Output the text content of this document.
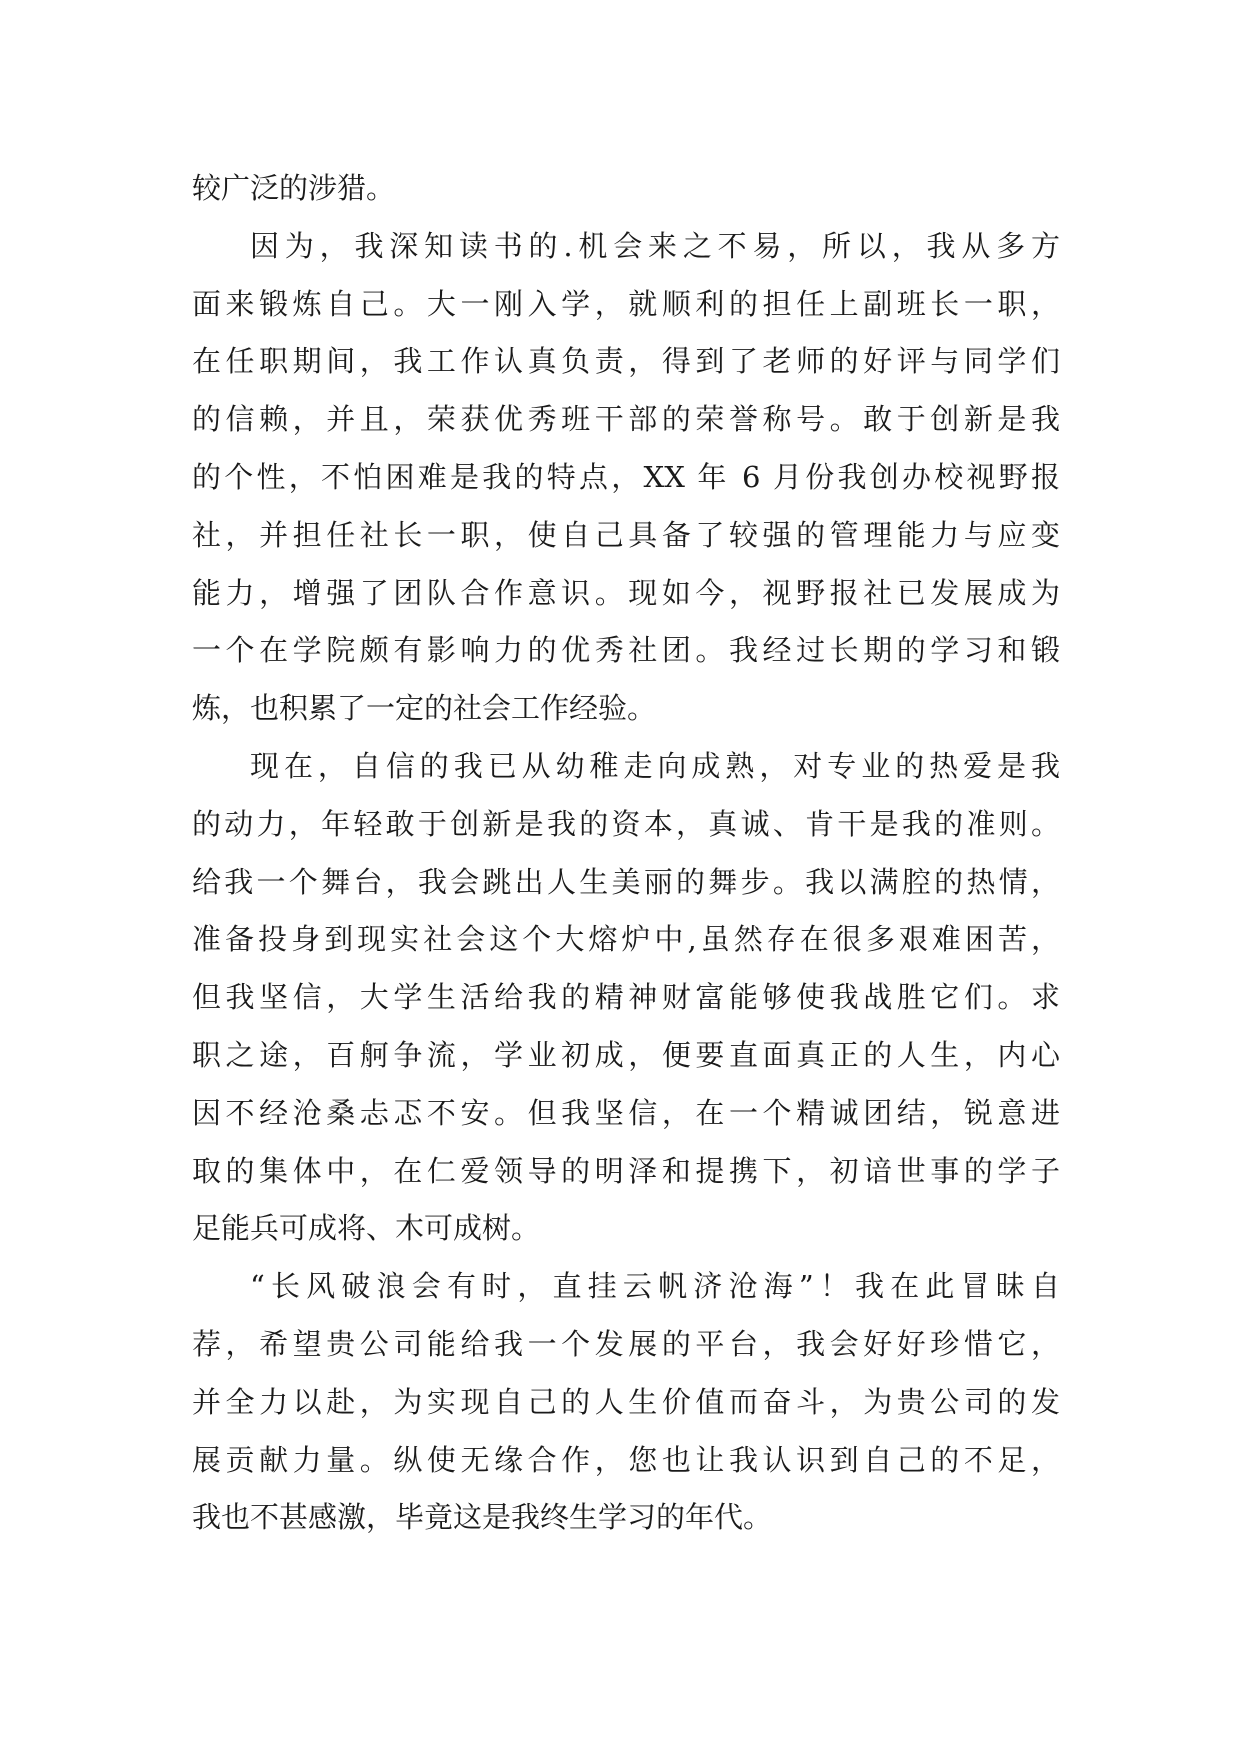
较广泛的涉猎。
因为，我深知读书的.机会来之不易，所以，我从多方
面来锻炼自己。大一刚入学，就顺利的担任上副班长一职，
在任职期间，我工作认真负责，得到了老师的好评与同学们
的信赖，并且，荣获优秀班干部的荣誉称号。敢于创新是我
的个性，不怕困难是我的特点，XX 年 6 月份我创办校视野报
社，并担任社长一职，使自己具备了较强的管理能力与应变
能力，增强了团队合作意识。现如今，视野报社已发展成为
一个在学院颇有影响力的优秀社团。我经过长期的学习和锻
炼，也积累了一定的社会工作经验。
现在，自信的我已从幼稚走向成熟，对专业的热爱是我
的动力，年轻敢于创新是我的资本，真诚、肯干是我的准则。
给我一个舞台，我会跳出人生美丽的舞步。我以满腔的热情，
准备投身到现实社会这个大熔炉中,虽然存在很多艰难困苦，
但我坚信，大学生活给我的精神财富能够使我战胜它们。求
职之途，百舸争流，学业初成，便要直面真正的人生，内心
因不经沧桑忐忑不安。但我坚信，在一个精诚团结，锐意进
取的集体中，在仁爱领导的明泽和提携下，初谙世事的学子
足能兵可成将、木可成树。
“长风破浪会有时，直挂云帆济沧海”！我在此冒昧自
荐，希望贵公司能给我一个发展的平台，我会好好珍惜它，
并全力以赴，为实现自己的人生价值而奋斗，为贵公司的发
展贡献力量。纵使无缘合作，您也让我认识到自己的不足，
我也不甚感激，毕竟这是我终生学习的年代。
